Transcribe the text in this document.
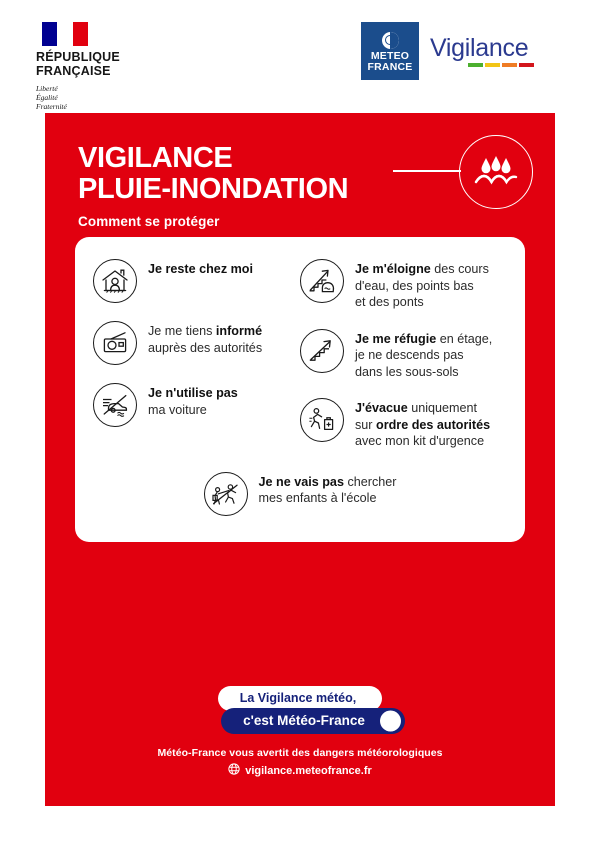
RÉPUBLIQUE
FRANÇAISE
Liberté
Égalité
Fraternité
METEO
FRANCE
Vigilance
VIGILANCE
PLUIE-INONDATION
Comment se protéger
Je reste chez moi
Je me tiens informé
auprès des autorités
Je n'utilise pas
ma voiture
Je m'éloigne des cours
d'eau, des points bas
et des ponts
Je me réfugie en étage,
je ne descends pas
dans les sous-sols
J'évacue uniquement
sur ordre des autorités
avec mon kit d'urgence
Je ne vais pas chercher
mes enfants à l'école
La Vigilance météo,
c'est Météo-France
Météo-France vous avertit des dangers météorologiques
vigilance.meteofrance.fr
